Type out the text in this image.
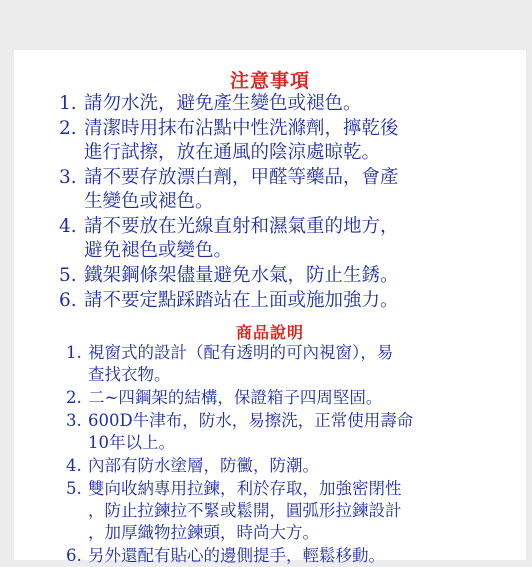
注意事項
1. 請勿水洗，避免產生變色或褪色。
2. 清潔時用抹布沾點中性洗滌劑，擰乾後
進行試擦，放在通風的陰涼處晾乾。
3. 請不要存放漂白劑，甲醛等藥品，會產
生變色或褪色。
4. 請不要放在光線直射和濕氣重的地方，
避免褪色或變色。
5. 鐵架鋼條架儘量避免水氣，防止生銹。
6. 請不要定點踩踏站在上面或施加強力。
商品說明
1. 視窗式的設計（配有透明的可內視窗），易
查找衣物。
2. 二~四鋼架的結構，保證箱子四周堅固。
3. 600D牛津布，防水，易擦洗，正常使用壽命
10年以上。
4. 內部有防水塗層，防黴，防潮。
5. 雙向收納專用拉鍊，利於存取，加強密閉性
，防止拉鍊拉不緊或鬆開，圓弧形拉鍊設計
，加厚織物拉鍊頭，時尚大方。
6. 另外還配有貼心的邊側提手，輕鬆移動。
